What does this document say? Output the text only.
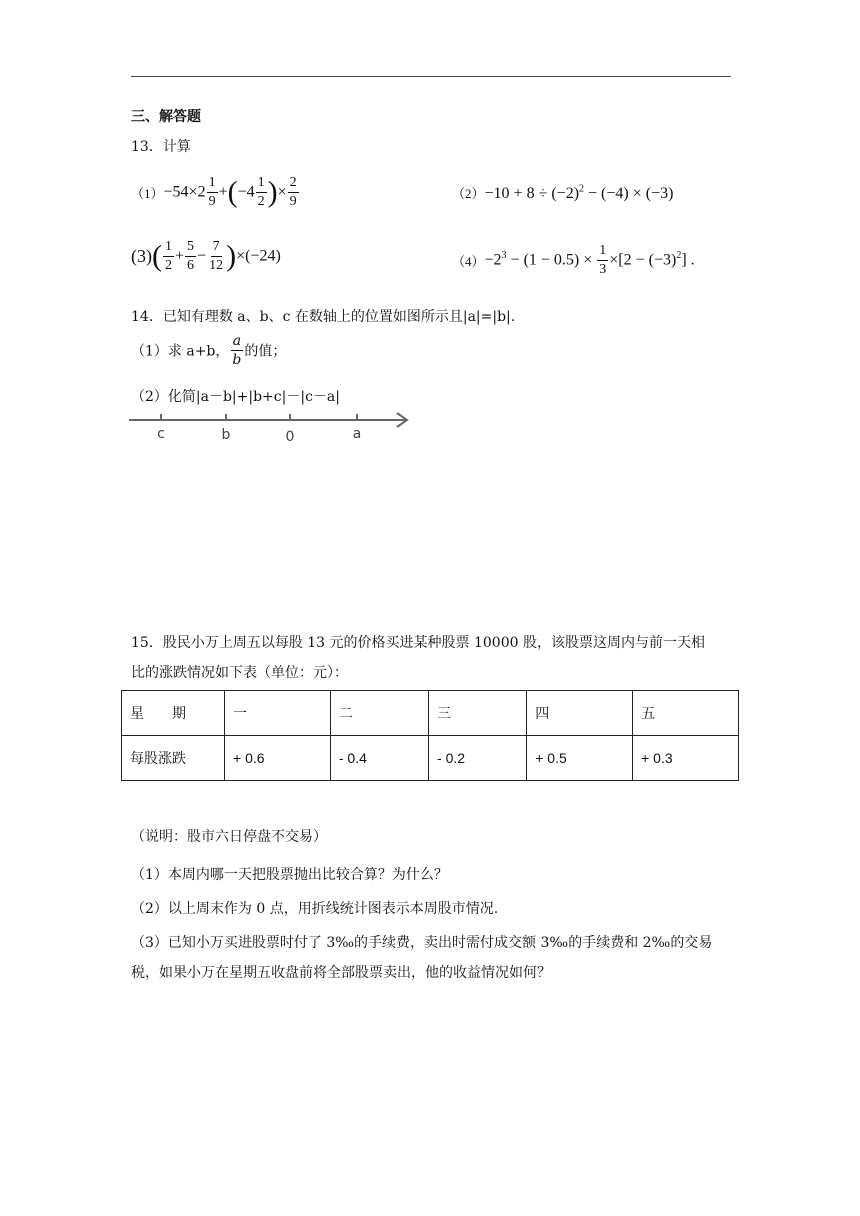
三、解答题
13．计算
$(1)-54\times 2 \frac{1}{9} +(-4 \frac{1}{2}$ )× $\frac{2}{9}$	$(2)-10 + 8 \div (-2)^2 - (-4) \times (-3)$
$(3)( \frac{1}{2} + \frac{5}{6} - \frac{7}{12} )\times(-24)$	$(4)-2^3 - (1 - 0.5) \times \frac{1}{3} \times[2 - (-3)^2]$ .
14．已知有理数 a、b、c 在数轴上的位置如图所示且|a|=|b|.
（1）求 a+b， $\frac{a}{b}$ 的值；
（2）化简|a－b|+|b+c|－|c－a|
c	b	0	a
15．股民小万上周五以每股 13 元的价格买进某种股票 10000 股，该股票这周内与前一天相
比的涨跌情况如下表（单位：元）：
星　　期	一	二	三	四	五
每股涨跌	+ 0.6	- 0.4	- 0.2	+ 0.5	+ 0.3
（说明：股市六日停盘不交易）
（1）本周内哪一天把股票抛出比较合算？为什么？
（2）以上周末作为 0 点，用折线统计图表示本周股市情况.
（3）已知小万买进股票时付了 3‰的手续费，卖出时需付成交额 3‰的手续费和 2‰的交易
税，如果小万在星期五收盘前将全部股票卖出，他的收益情况如何？
